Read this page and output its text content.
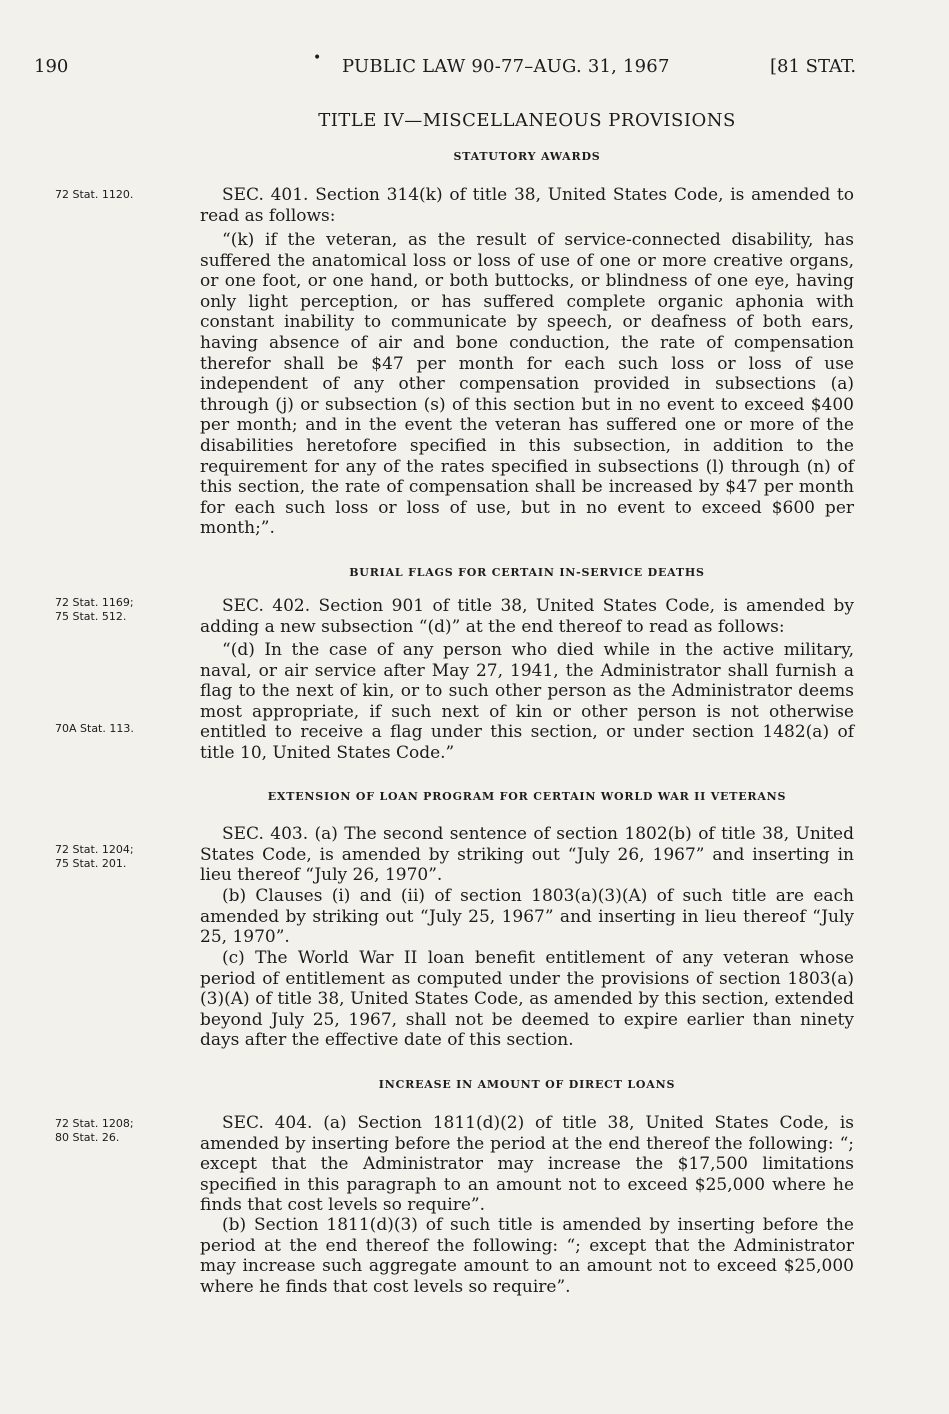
190	• PUBLIC LAW 90-77–AUG. 31, 1967	[81 STAT.
TITLE IV—MISCELLANEOUS PROVISIONS
STATUTORY AWARDS
72 Stat. 1120.	SEC. 401. Section 314(k) of title 38, United States Code, is amended to read as follows:

“(k) if the veteran, as the result of service-connected disability, has suffered the anatomical loss or loss of use of one or more creative organs, or one foot, or one hand, or both buttocks, or blindness of one eye, having only light perception, or has suffered complete organic aphonia with constant inability to communicate by speech, or deafness of both ears, having absence of air and bone conduction, the rate of compensation therefor shall be $47 per month for each such loss or loss of use independent of any other compensation provided in subsections (a) through (j) or subsection (s) of this section but in no event to exceed $400 per month; and in the event the veteran has suffered one or more of the disabilities heretofore specified in this subsection, in addition to the requirement for any of the rates specified in subsections (l) through (n) of this section, the rate of compensation shall be increased by $47 per month for each such loss or loss of use, but in no event to exceed $600 per month;”.

BURIAL FLAGS FOR CERTAIN IN-SERVICE DEATHS
72 Stat. 1169;
75 Stat. 512.
70A Stat. 113.

SEC. 402. Section 901 of title 38, United States Code, is amended by adding a new subsection “(d)” at the end thereof to read as follows:

“(d) In the case of any person who died while in the active military, naval, or air service after May 27, 1941, the Administrator shall furnish a flag to the next of kin, or to such other person as the Administrator deems most appropriate, if such next of kin or other person is not otherwise entitled to receive a flag under this section, or under section 1482(a) of title 10, United States Code.”

EXTENSION OF LOAN PROGRAM FOR CERTAIN WORLD WAR II VETERANS
72 Stat. 1204;
75 Stat. 201.

SEC. 403. (a) The second sentence of section 1802(b) of title 38, United States Code, is amended by striking out “July 26, 1967” and inserting in lieu thereof “July 26, 1970”.

(b) Clauses (i) and (ii) of section 1803(a)(3)(A) of such title are each amended by striking out “July 25, 1967” and inserting in lieu thereof “July 25, 1970”.

(c) The World War II loan benefit entitlement of any veteran whose period of entitlement as computed under the provisions of section 1803(a)(3)(A) of title 38, United States Code, as amended by this section, extended beyond July 25, 1967, shall not be deemed to expire earlier than ninety days after the effective date of this section.

INCREASE IN AMOUNT OF DIRECT LOANS
72 Stat. 1208;
80 Stat. 26.

SEC. 404. (a) Section 1811(d)(2) of title 38, United States Code, is amended by inserting before the period at the end thereof the following: “; except that the Administrator may increase the $17,500 limitations specified in this paragraph to an amount not to exceed $25,000 where he finds that cost levels so require”.

(b) Section 1811(d)(3) of such title is amended by inserting before the period at the end thereof the following: “; except that the Administrator may increase such aggregate amount to an amount not to exceed $25,000 where he finds that cost levels so require”.
